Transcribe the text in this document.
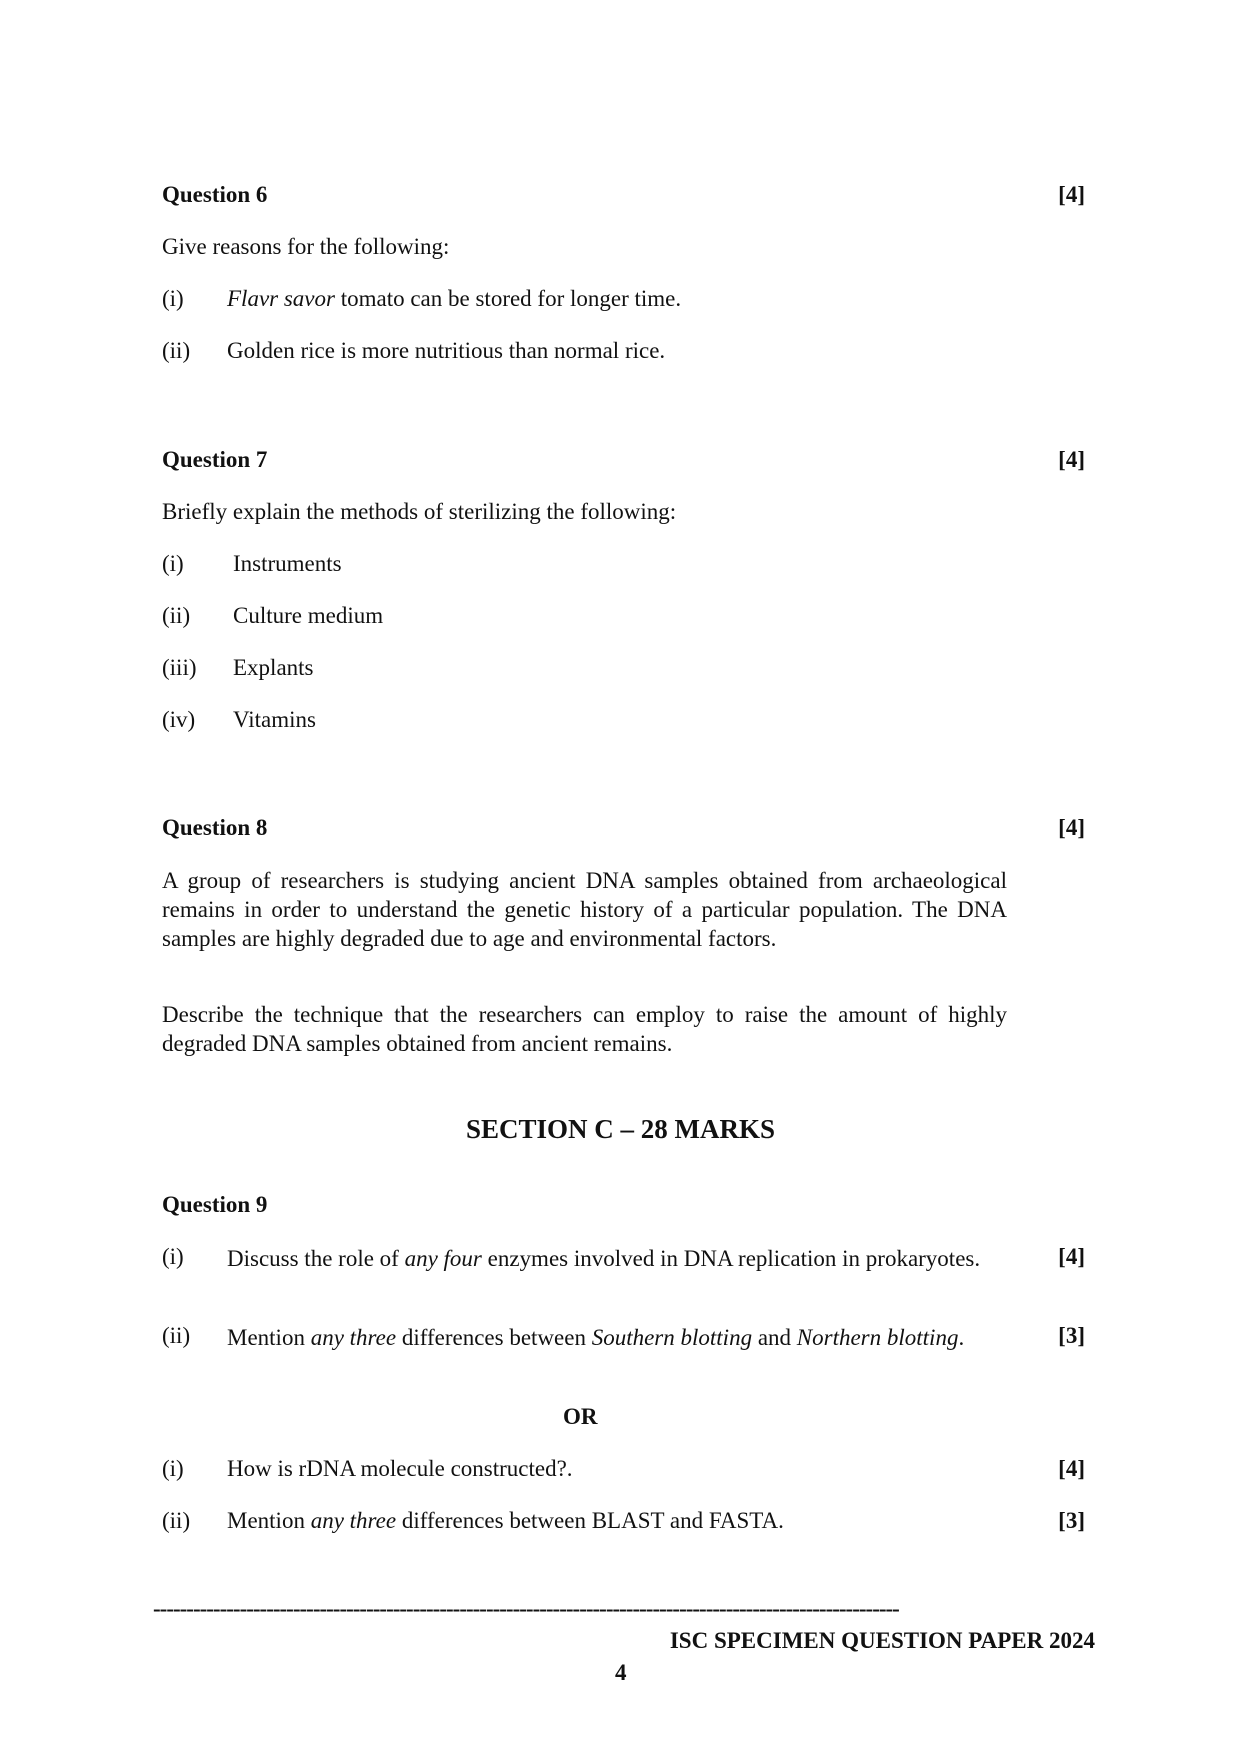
Question 6	[4]
Give reasons for the following:
(i) Flavr savor tomato can be stored for longer time.
(ii) Golden rice is more nutritious than normal rice.
Question 7	[4]
Briefly explain the methods of sterilizing the following:
(i) Instruments
(ii) Culture medium
(iii) Explants
(iv) Vitamins
Question 8	[4]
A group of researchers is studying ancient DNA samples obtained from archaeological remains in order to understand the genetic history of a particular population. The DNA samples are highly degraded due to age and environmental factors.
Describe the technique that the researchers can employ to raise the amount of highly degraded DNA samples obtained from ancient remains.
SECTION C – 28 MARKS
Question 9
(i) Discuss the role of any four enzymes involved in DNA replication in prokaryotes.	[4]
(ii) Mention any three differences between Southern blotting and Northern blotting.	[3]
OR
(i) How is rDNA molecule constructed?.	[4]
(ii) Mention any three differences between BLAST and FASTA.	[3]
----------------------------------------------------------------------------------------------------------------
ISC SPECIMEN QUESTION PAPER 2024
4
